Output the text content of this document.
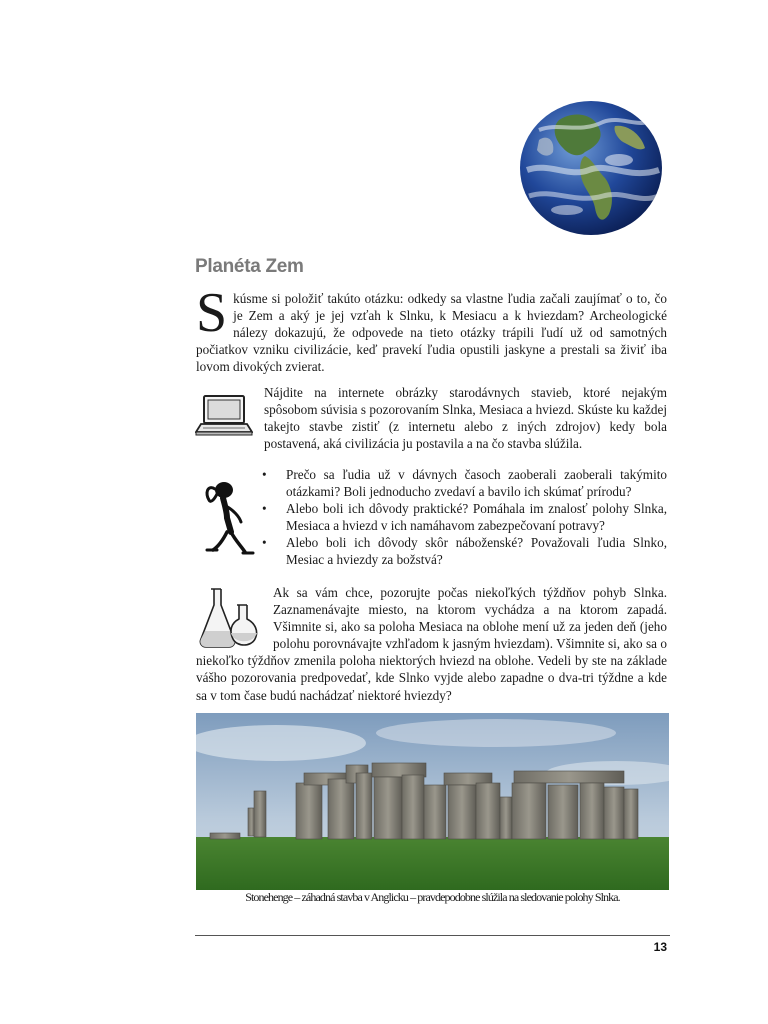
Planéta Zem
S kúsme si položiť takúto otázku: odkedy sa vlastne ľudia začali zaujímať o to, čo je Zem a aký je jej vzťah k Slnku, k Mesiacu a k hviezdam? Archeologické nálezy dokazujú, že odpovede na tieto otázky trápili ľudí už od samotných počiatkov vzniku civilizácie, keď pravekí ľudia opustili jaskyne a prestali sa živiť iba lovom divokých zvierat.

Nájdite na internete obrázky starodávnych stavieb, ktoré nejakým spôsobom súvisia s pozorovaním Slnka, Mesiaca a hviezd. Skúste ku každej takejto stavbe zistiť (z internetu alebo z iných zdrojov) kedy bola postavená, aká civilizácia ju postavila a na čo stavba slúžila.

• Prečo sa ľudia už v dávnych časoch zaoberali zaoberali takýmito otázkami? Boli jednoducho zvedaví a bavilo ich skúmať prírodu?
• Alebo boli ich dôvody praktické? Pomáhala im znalosť polohy Slnka, Mesiaca a hviezd v ich namáhavom zabezpečovaní potravy?
• Alebo boli ich dôvody skôr náboženské? Považovali ľudia Slnko, Mesiac a hviezdy za božstvá?
Ak sa vám chce, pozorujte počas niekoľkých týždňov pohyb Slnka. Zaznamenávajte miesto, na ktorom vychádza a na ktorom zapadá. Všimnite si, ako sa poloha Mesiaca na oblohe mení už za jeden deň (jeho polohu porovnávajte vzhľadom k jasným hviezdam). Všimnite si, ako sa o niekoľko týždňov zmenila poloha niektorých hviezd na oblohe. Vedeli by ste na základe vášho pozorovania predpovedať, kde Slnko vyjde alebo zapadne o dva-tri týždne a kde sa v tom čase budú nachádzať niektoré hviezdy?

Stonehenge – záhadná stavba v Anglicku – pravdepodobne slúžila na sledovanie polohy Slnka.

13
